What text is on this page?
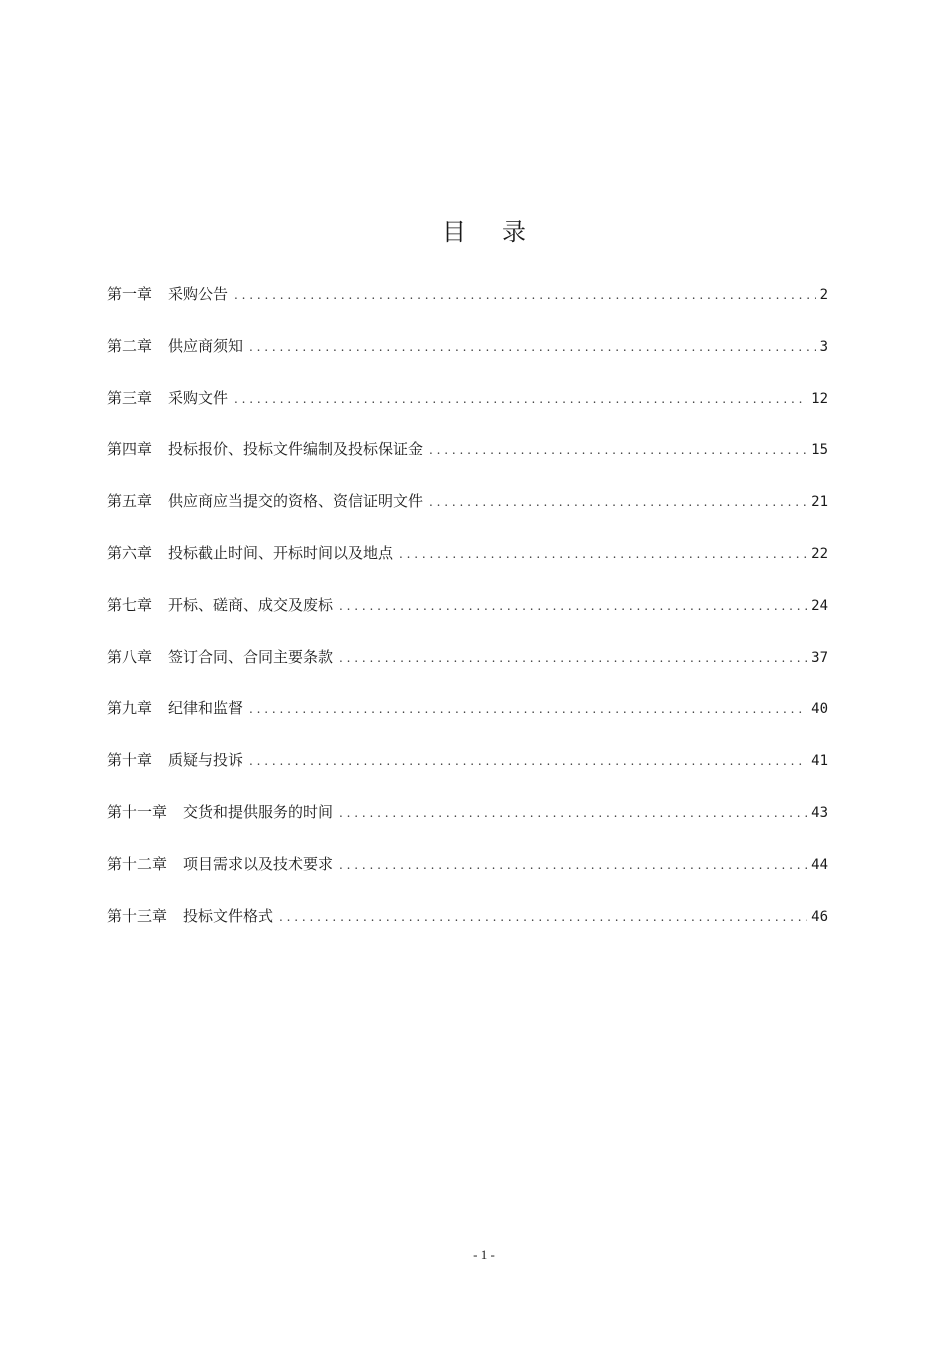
目 录
第一章 采购公告 . . .	2
第二章 供应商须知 . . .	3
第三章 采购文件 . . .	12
第四章 投标报价、投标文件编制及投标保证金 . . .	15
第五章 供应商应当提交的资格、资信证明文件 . . .	21
第六章 投标截止时间、开标时间以及地点 . . .	22
第七章 开标、磋商、成交及废标 . . .	24
第八章 签订合同、合同主要条款 . . .	37
第九章 纪律和监督 . . .	40
第十章 质疑与投诉 . . .	41
第十一章 交货和提供服务的时间 . . .	43
第十二章 项目需求以及技术要求 . . .	44
第十三章 投标文件格式 . . .	46
- 1 -
